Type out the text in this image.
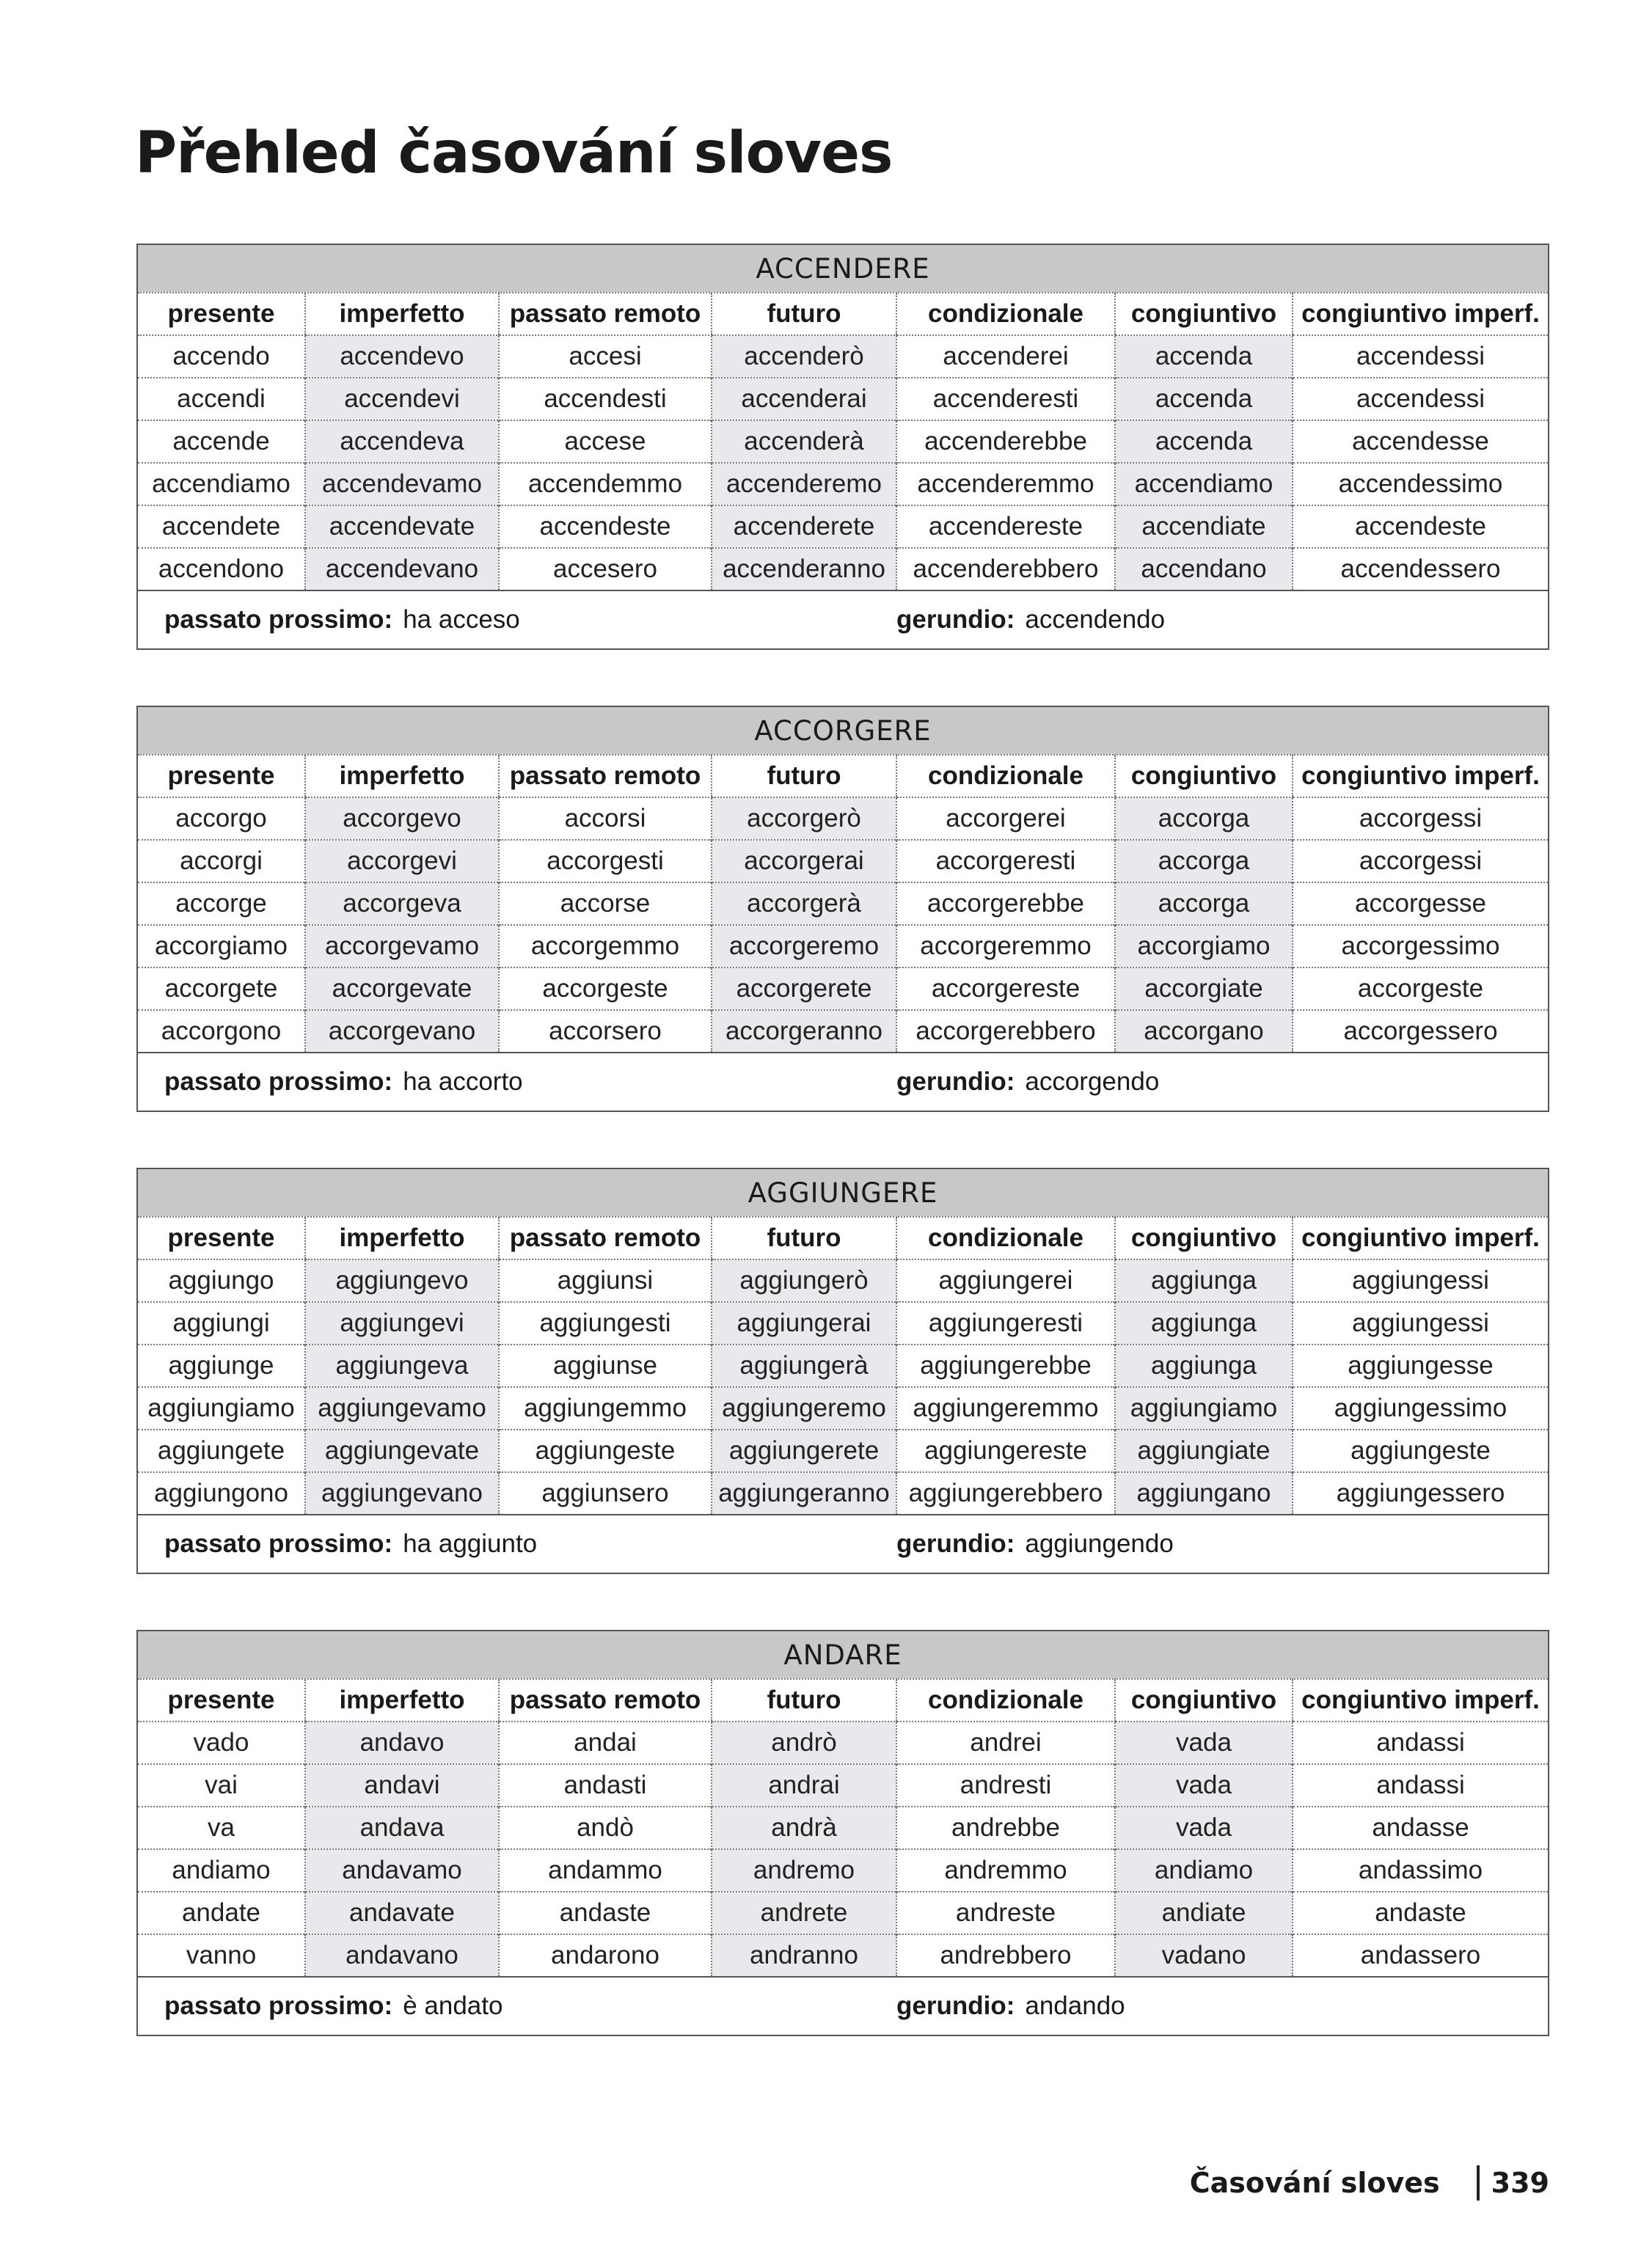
Přehled časování sloves
ACCENDERE						
presente	imperfetto	passato remoto	futuro	condizionale	congiuntivo	congiuntivo imperf.
accendo	accendevo	accesi	accenderò	accenderei	accenda	accendessi
accendi	accendevi	accendesti	accenderai	accenderesti	accenda	accendessi
accende	accendeva	accese	accenderà	accenderebbe	accenda	accendesse
accendiamo	accendevamo	accendemmo	accenderemo	accenderemmo	accendiamo	accendessimo
accendete	accendevate	accendeste	accenderete	accendereste	accendiate	accendeste
accendono	accendevano	accesero	accenderanno	accenderebbero	accendano	accendessero
passato prossimo: ha acceso				gerundio: accendendo		
ACCORGERE						
presente	imperfetto	passato remoto	futuro	condizionale	congiuntivo	congiuntivo imperf.
accorgo	accorgevo	accorsi	accorgerò	accorgerei	accorga	accorgessi
accorgi	accorgevi	accorgesti	accorgerai	accorgeresti	accorga	accorgessi
accorge	accorgeva	accorse	accorgerà	accorgerebbe	accorga	accorgesse
accorgiamo	accorgevamo	accorgemmo	accorgeremo	accorgeremmo	accorgiamo	accorgessimo
accorgete	accorgevate	accorgeste	accorgerete	accorgereste	accorgiate	accorgeste
accorgono	accorgevano	accorsero	accorgeranno	accorgerebbero	accorgano	accorgessero
passato prossimo: ha accorto				gerundio: accorgendo		
AGGIUNGERE						
presente	imperfetto	passato remoto	futuro	condizionale	congiuntivo	congiuntivo imperf.
aggiungo	aggiungevo	aggiunsi	aggiungerò	aggiungerei	aggiunga	aggiungessi
aggiungi	aggiungevi	aggiungesti	aggiungerai	aggiungeresti	aggiunga	aggiungessi
aggiunge	aggiungeva	aggiunse	aggiungerà	aggiungerebbe	aggiunga	aggiungesse
aggiungiamo	aggiungevamo	aggiungemmo	aggiungeremo	aggiungeremmo	aggiungiamo	aggiungessimo
aggiungete	aggiungevate	aggiungeste	aggiungerete	aggiungereste	aggiungiate	aggiungeste
aggiungono	aggiungevano	aggiunsero	aggiungeranno	aggiungerebbero	aggiungano	aggiungessero
passato prossimo: ha aggiunto				gerundio: aggiungendo		
ANDARE						
presente	imperfetto	passato remoto	futuro	condizionale	congiuntivo	congiuntivo imperf.
vado	andavo	andai	andrò	andrei	vada	andassi
vai	andavi	andasti	andrai	andresti	vada	andassi
va	andava	andò	andrà	andrebbe	vada	andasse
andiamo	andavamo	andammo	andremo	andremmo	andiamo	andassimo
andate	andavate	andaste	andrete	andreste	andiate	andaste
vanno	andavano	andarono	andranno	andrebbero	vadano	andassero
passato prossimo: è andato				gerundio: andando		
Časování sloves 339
